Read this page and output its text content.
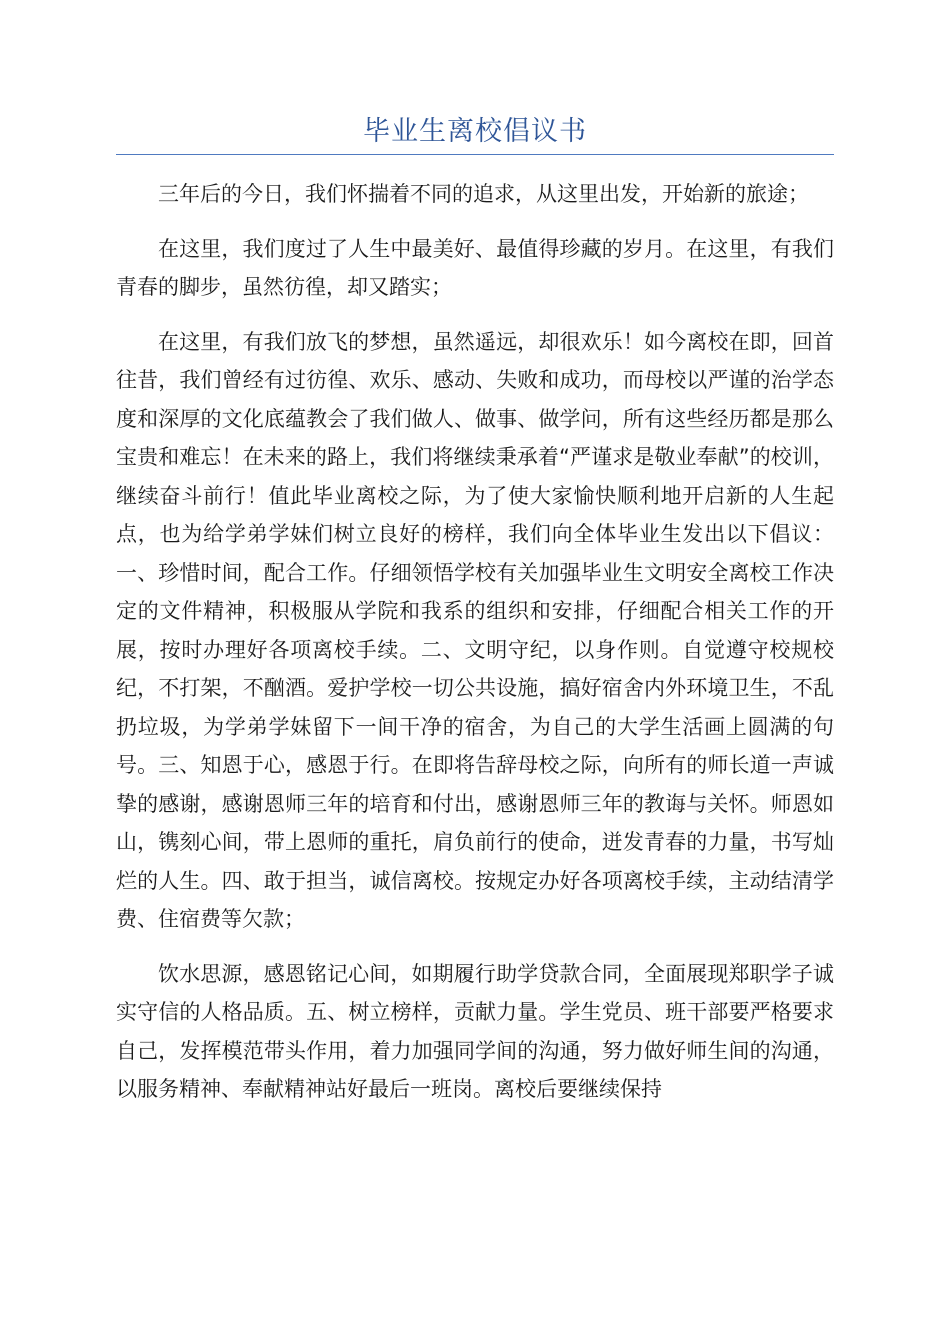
毕业生离校倡议书

三年后的今日，我们怀揣着不同的追求，从这里出发，开始新的旅途；

在这里，我们度过了人生中最美好、最值得珍藏的岁月。在这里，有我们青春的脚步，虽然彷徨，却又踏实；

在这里，有我们放飞的梦想，虽然遥远，却很欢乐！如今离校在即，回首往昔，我们曾经有过彷徨、欢乐、感动、失败和成功，而母校以严谨的治学态度和深厚的文化底蕴教会了我们做人、做事、做学问，所有这些经历都是那么宝贵和难忘！在未来的路上，我们将继续秉承着“严谨求是敬业奉献”的校训，继续奋斗前行！值此毕业离校之际，为了使大家愉快顺利地开启新的人生起点，也为给学弟学妹们树立良好的榜样，我们向全体毕业生发出以下倡议：一、珍惜时间，配合工作。仔细领悟学校有关加强毕业生文明安全离校工作决定的文件精神，积极服从学院和我系的组织和安排，仔细配合相关工作的开展，按时办理好各项离校手续。二、文明守纪，以身作则。自觉遵守校规校纪，不打架，不酗酒。爱护学校一切公共设施，搞好宿舍内外环境卫生，不乱扔垃圾，为学弟学妹留下一间干净的宿舍，为自己的大学生活画上圆满的句号。三、知恩于心，感恩于行。在即将告辞母校之际，向所有的师长道一声诚挚的感谢，感谢恩师三年的培育和付出，感谢恩师三年的教诲与关怀。师恩如山，镌刻心间，带上恩师的重托，肩负前行的使命，迸发青春的力量，书写灿烂的人生。四、敢于担当，诚信离校。按规定办好各项离校手续，主动结清学费、住宿费等欠款；

饮水思源，感恩铭记心间，如期履行助学贷款合同，全面展现郑职学子诚实守信的人格品质。五、树立榜样，贡献力量。学生党员、班干部要严格要求自己，发挥模范带头作用，着力加强同学间的沟通，努力做好师生间的沟通，以服务精神、奉献精神站好最后一班岗。离校后要继续保持
